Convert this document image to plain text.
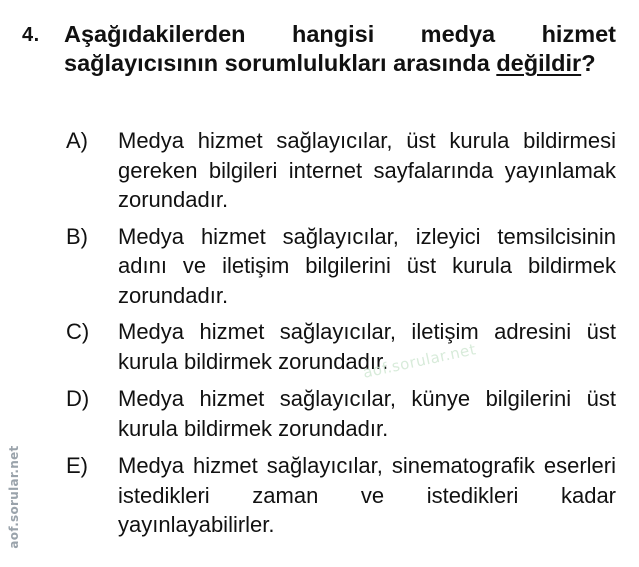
4. Aşağıdakilerden hangisi medya hizmet sağlayıcısının sorumlulukları arasında değildir?
A) Medya hizmet sağlayıcılar, üst kurula bildirmesi gereken bilgileri internet sayfalarında yayınlamak zorundadır.
B) Medya hizmet sağlayıcılar, izleyici temsilcisinin adını ve iletişim bilgilerini üst kurula bildirmek zorundadır.
C) Medya hizmet sağlayıcılar, iletişim adresini üst kurula bildirmek zorundadır.
D) Medya hizmet sağlayıcılar, künye bilgilerini üst kurula bildirmek zorundadır.
E) Medya hizmet sağlayıcılar, sinematografik eserleri istedikleri zaman ve istedikleri kadar yayınlayabilirler.
aof.sorular.net
aof.sorular.net
